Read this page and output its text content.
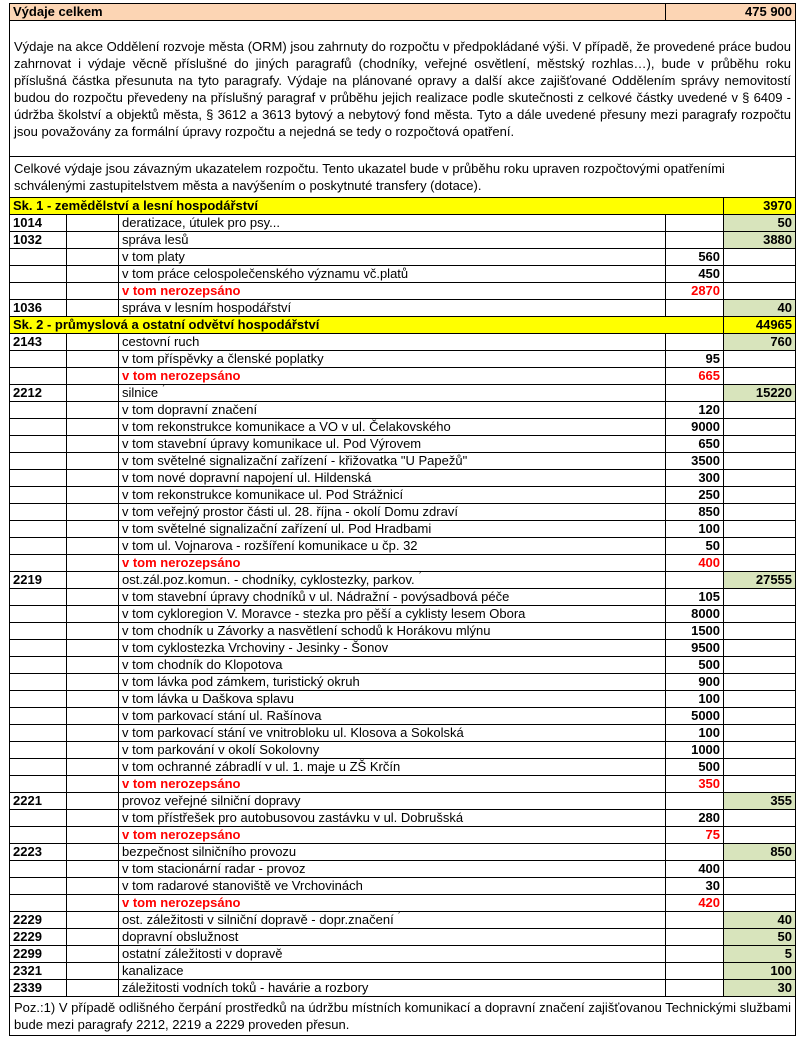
Výdaje celkem			475 900	
Výdaje na akce Oddělení rozvoje města (ORM) jsou zahrnuty do rozpočtu v předpokládané výši. V případě, že provedené práce budou zahrnovat i výdaje věcně příslušné do jiných paragrafů (chodníky, veřejné osvětlení, městský rozhlas…), bude v průběhu roku příslušná částka přesunuta na tyto paragrafy. Výdaje na plánované opravy a další akce zajišťované Oddělením správy nemovitostí budou do rozpočtu převedeny na příslušný paragraf v průběhu jejich realizace podle skutečnosti z celkové částky uvedené v § 6409 - údržba školství a objektů města, § 3612 a 3613 bytový a nebytový fond města. Tyto a dále uvedené přesuny mezi paragrafy rozpočtu jsou považovány za formální úpravy rozpočtu a nejedná se tedy o rozpočtová opatření.				
Celkové výdaje jsou závazným ukazatelem rozpočtu. Tento ukazatel bude v průběhu roku upraven rozpočtovými opatřeními schválenými zastupitelstvem města a navýšením o poskytnuté transfery (dotace).				
Sk. 1 - zemědělství a lesní hospodářství				3970
1014		deratizace, útulek pro psy...		50
1032		správa lesů		3880
		v tom platy	560	
		v tom práce celospolečenského významu vč.platů	450	
		v tom nerozepsáno	2870	
1036		správa v lesním hospodářství		40
Sk. 2 - průmyslová a ostatní odvětví hospodářství				44965
2143		cestovní ruch		760
		v tom příspěvky a členské poplatky	95	
		v tom nerozepsáno	665	
2212		silnice		15220
		v tom dopravní značení	120	
		v tom rekonstrukce komunikace a VO v ul. Čelakovského	9000	
		v tom stavební úpravy komunikace ul. Pod Výrovem	650	
		v tom světelné signalizační zařízení - křižovatka "U Papežů"	3500	
		v tom nové dopravní napojení ul. Hildenská	300	
		v tom rekonstrukce komunikace ul. Pod Strážnicí	250	
		v tom veřejný prostor části ul. 28. října - okolí Domu zdraví	850	
		v tom světelné signalizační zařízení ul. Pod Hradbami	100	
		v tom ul. Vojnarova - rozšíření komunikace u čp. 32	50	
		v tom nerozepsáno	400	
2219		ost.zál.poz.komun. - chodníky, cyklostezky, parkov.		27555
		v tom stavební úpravy chodníků v ul. Nádražní - povýsadbová péče	105	
		v tom cykloregion V. Moravce - stezka pro pěší a cyklisty lesem Obora	8000	
		v tom chodník u Závorky a nasvětlení schodů k Horákovu mlýnu	1500	
		v tom cyklostezka Vrchoviny - Jesinky - Šonov	9500	
		v tom chodník do Klopotova	500	
		v tom lávka pod zámkem, turistický okruh	900	
		v tom lávka u Daškova splavu	100	
		v tom parkovací stání ul. Rašínova	5000	
		v tom parkovací stání ve vnitrobloku ul. Klosova a Sokolská	100	
		v tom parkování v okolí Sokolovny	1000	
		v tom ochranné zábradlí v ul. 1. maje u ZŠ Krčín	500	
		v tom nerozepsáno	350	
2221		provoz veřejné silniční dopravy		355
		v tom přístřešek pro autobusovou zastávku v ul. Dobrušská	280	
		v tom nerozepsáno	75	
2223		bezpečnost silničního provozu		850
		v tom stacionární radar - provoz	400	
		v tom radarové stanoviště ve Vrchovinách	30	
		v tom nerozepsáno	420	
2229		ost. záležitosti v silniční dopravě - dopr.značení		40
2229		dopravní obslužnost		50
2299		ostatní záležitosti v dopravě		5
2321		kanalizace		100
2339		záležitosti vodních toků - havárie a rozbory		30
Poz.:1) V případě odlišného čerpání prostředků na údržbu místních komunikací a dopravní značení zajišťovanou Technickými službami bude mezi paragrafy 2212, 2219 a 2229 proveden přesun.				
